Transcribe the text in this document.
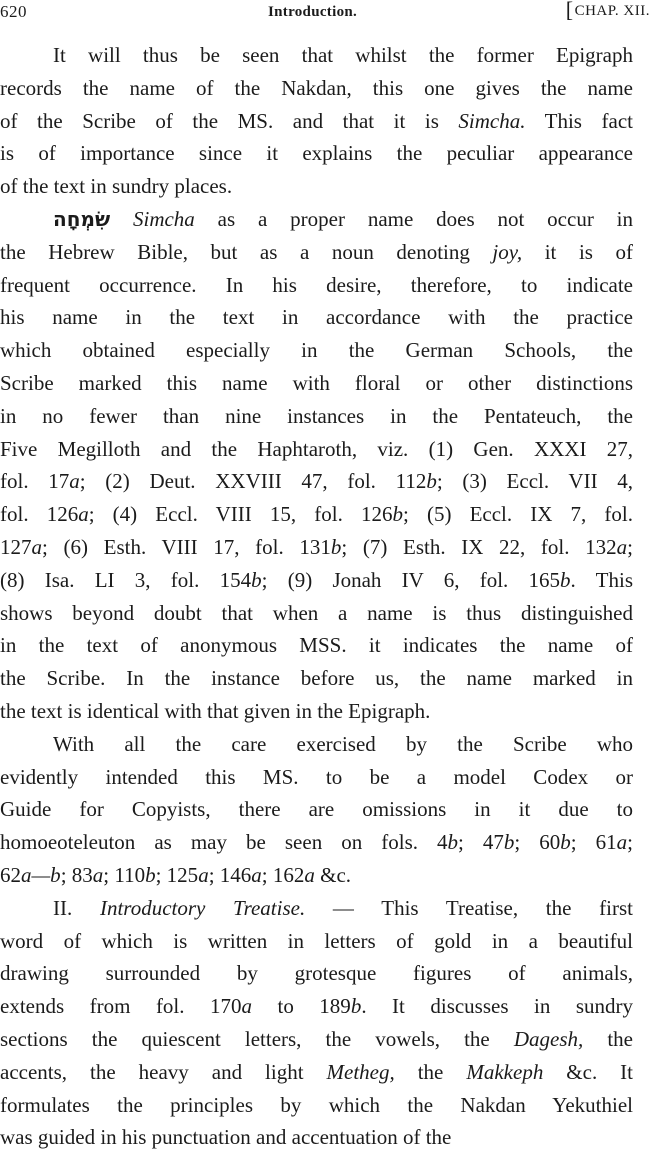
620	Introduction.	[CHAP. XII.
It will thus be seen that whilst the former Epigraph
records the name of the Nakdan, this one gives the name
of the Scribe of the MS. and that it is Simcha. This fact
is of importance since it explains the peculiar appearance
of the text in sundry places.
שִׂמְחָה Simcha as a proper name does not occur in
the Hebrew Bible, but as a noun denoting joy, it is of
frequent occurrence. In his desire, therefore, to indicate
his name in the text in accordance with the practice
which obtained especially in the German Schools, the
Scribe marked this name with floral or other distinctions
in no fewer than nine instances in the Pentateuch, the
Five Megilloth and the Haphtaroth, viz. (1) Gen. XXXI 27,
fol. 17a; (2) Deut. XXVIII 47, fol. 112b; (3) Eccl. VII 4,
fol. 126a; (4) Eccl. VIII 15, fol. 126b; (5) Eccl. IX 7, fol.
127a; (6) Esth. VIII 17, fol. 131b; (7) Esth. IX 22, fol. 132a;
(8) Isa. LI 3, fol. 154b; (9) Jonah IV 6, fol. 165b. This
shows beyond doubt that when a name is thus distinguished
in the text of anonymous MSS. it indicates the name of
the Scribe. In the instance before us, the name marked in
the text is identical with that given in the Epigraph.
With all the care exercised by the Scribe who
evidently intended this MS. to be a model Codex or
Guide for Copyists, there are omissions in it due to
homoeoteleuton as may be seen on fols. 4b; 47b; 60b; 61a;
62a—b; 83a; 110b; 125a; 146a; 162a &c.
II. Introductory Treatise. — This Treatise, the first
word of which is written in letters of gold in a beautiful
drawing surrounded by grotesque figures of animals,
extends from fol. 170a to 189b. It discusses in sundry
sections the quiescent letters, the vowels, the Dagesh, the
accents, the heavy and light Metheg, the Makkeph &c. It
formulates the principles by which the Nakdan Yekuthiel
was guided in his punctuation and accentuation of the
